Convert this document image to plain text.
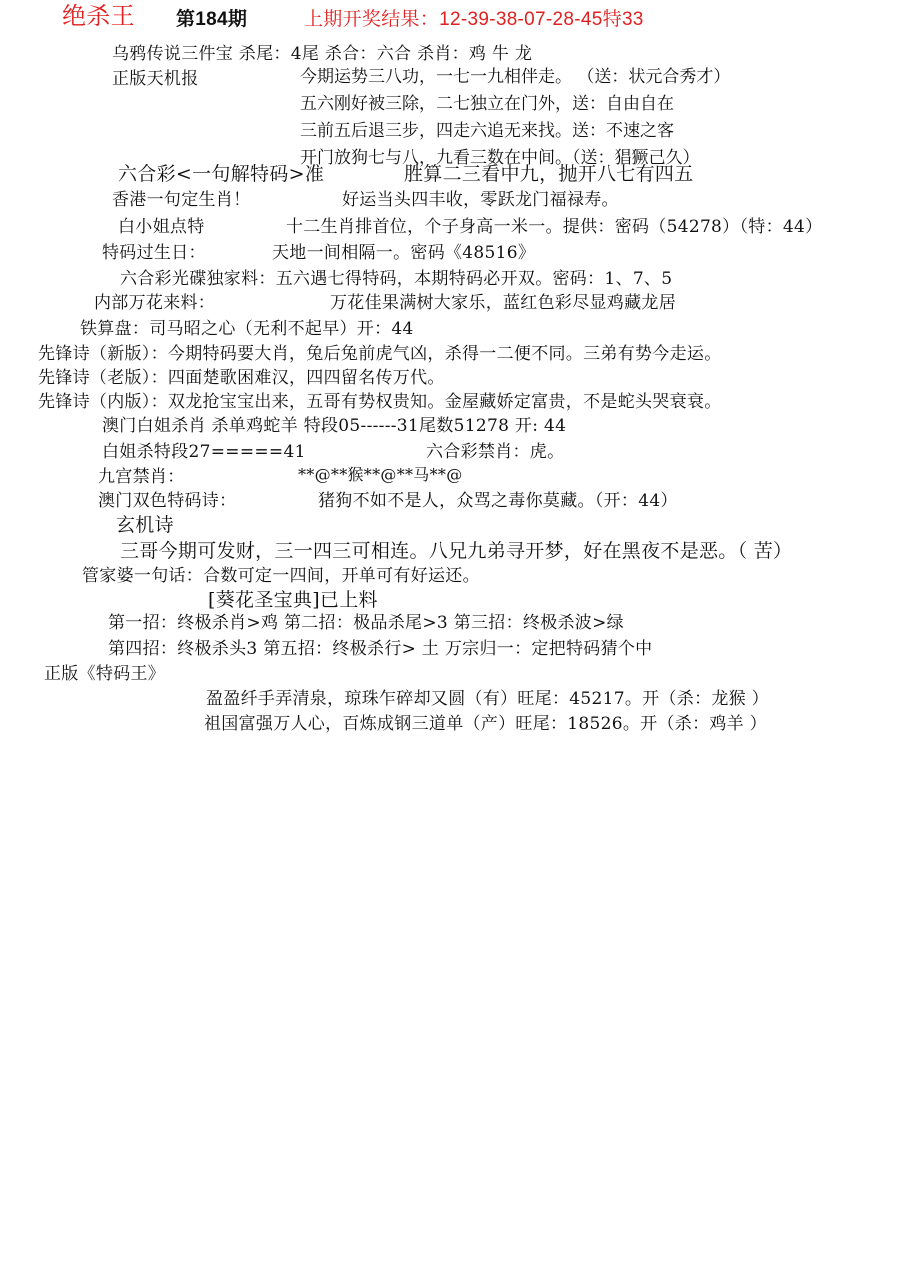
绝杀王 第184期	上期开奖结果：12-39-38-07-28-45特33
乌鸦传说三件宝 杀尾：4尾 杀合：六合 杀肖：鸡 牛 龙
正版天机报	今期运势三八功，一七一九相伴走。 （送：状元合秀才）
五六刚好被三除，二七独立在门外，送：自由自在
三前五后退三步，四走六追无来找。送：不速之客
开门放狗七与八，九看三数在中间。（送：猖獗己久）
六合彩<一句解特码>准	胜算二三看中九，抛开八七有四五
香港一句定生肖！	好运当头四丰收，零跃龙门福禄寿。
白小姐点特	十二生肖排首位，个子身高一米一。提供：密码（54278）（特：44）
特码过生日：	天地一间相隔一。密码《48516》
六合彩光碟独家料：五六遇七得特码，本期特码必开双。密码：1、7、5
内部万花来料：	万花佳果满树大家乐，蓝红色彩尽显鸡藏龙居
铁算盘：司马昭之心（无利不起早）开：44
先锋诗（新版）：今期特码要大肖，兔后兔前虎气凶，杀得一二便不同。三弟有势今走运。
先锋诗（老版）：四面楚歌困难汉，四四留名传万代。
先锋诗（内版）：双龙抢宝宝出来，五哥有势权贵知。金屋藏娇定富贵，不是蛇头哭衰衰。
澳门白姐杀肖 杀单鸡蛇羊 特段05------31尾数51278 开: 44
白姐杀特段27=====41	六合彩禁肖：虎。
九宫禁肖：	**@**猴**@**马**@
澳门双色特码诗：	猪狗不如不是人，众骂之毒你莫藏。（开：44）
玄机诗
三哥今期可发财，三一四三可相连。八兄九弟寻开梦，好在黑夜不是恶。（ 苦）
管家婆一句话：合数可定一四间，开单可有好运还。
[葵花圣宝典]已上料
第一招：终极杀肖>鸡 第二招：极品杀尾>3 第三招：终极杀波>绿
第四招：终极杀头3 第五招：终极杀行> 土 万宗归一：定把特码猜个中
正版《特码王》
盈盈纤手弄清泉，琼珠乍碎却又圆（有）旺尾：45217。开（杀：龙猴 ）
祖国富强万人心，百炼成钢三道单（产）旺尾：18526。开（杀：鸡羊 ）
